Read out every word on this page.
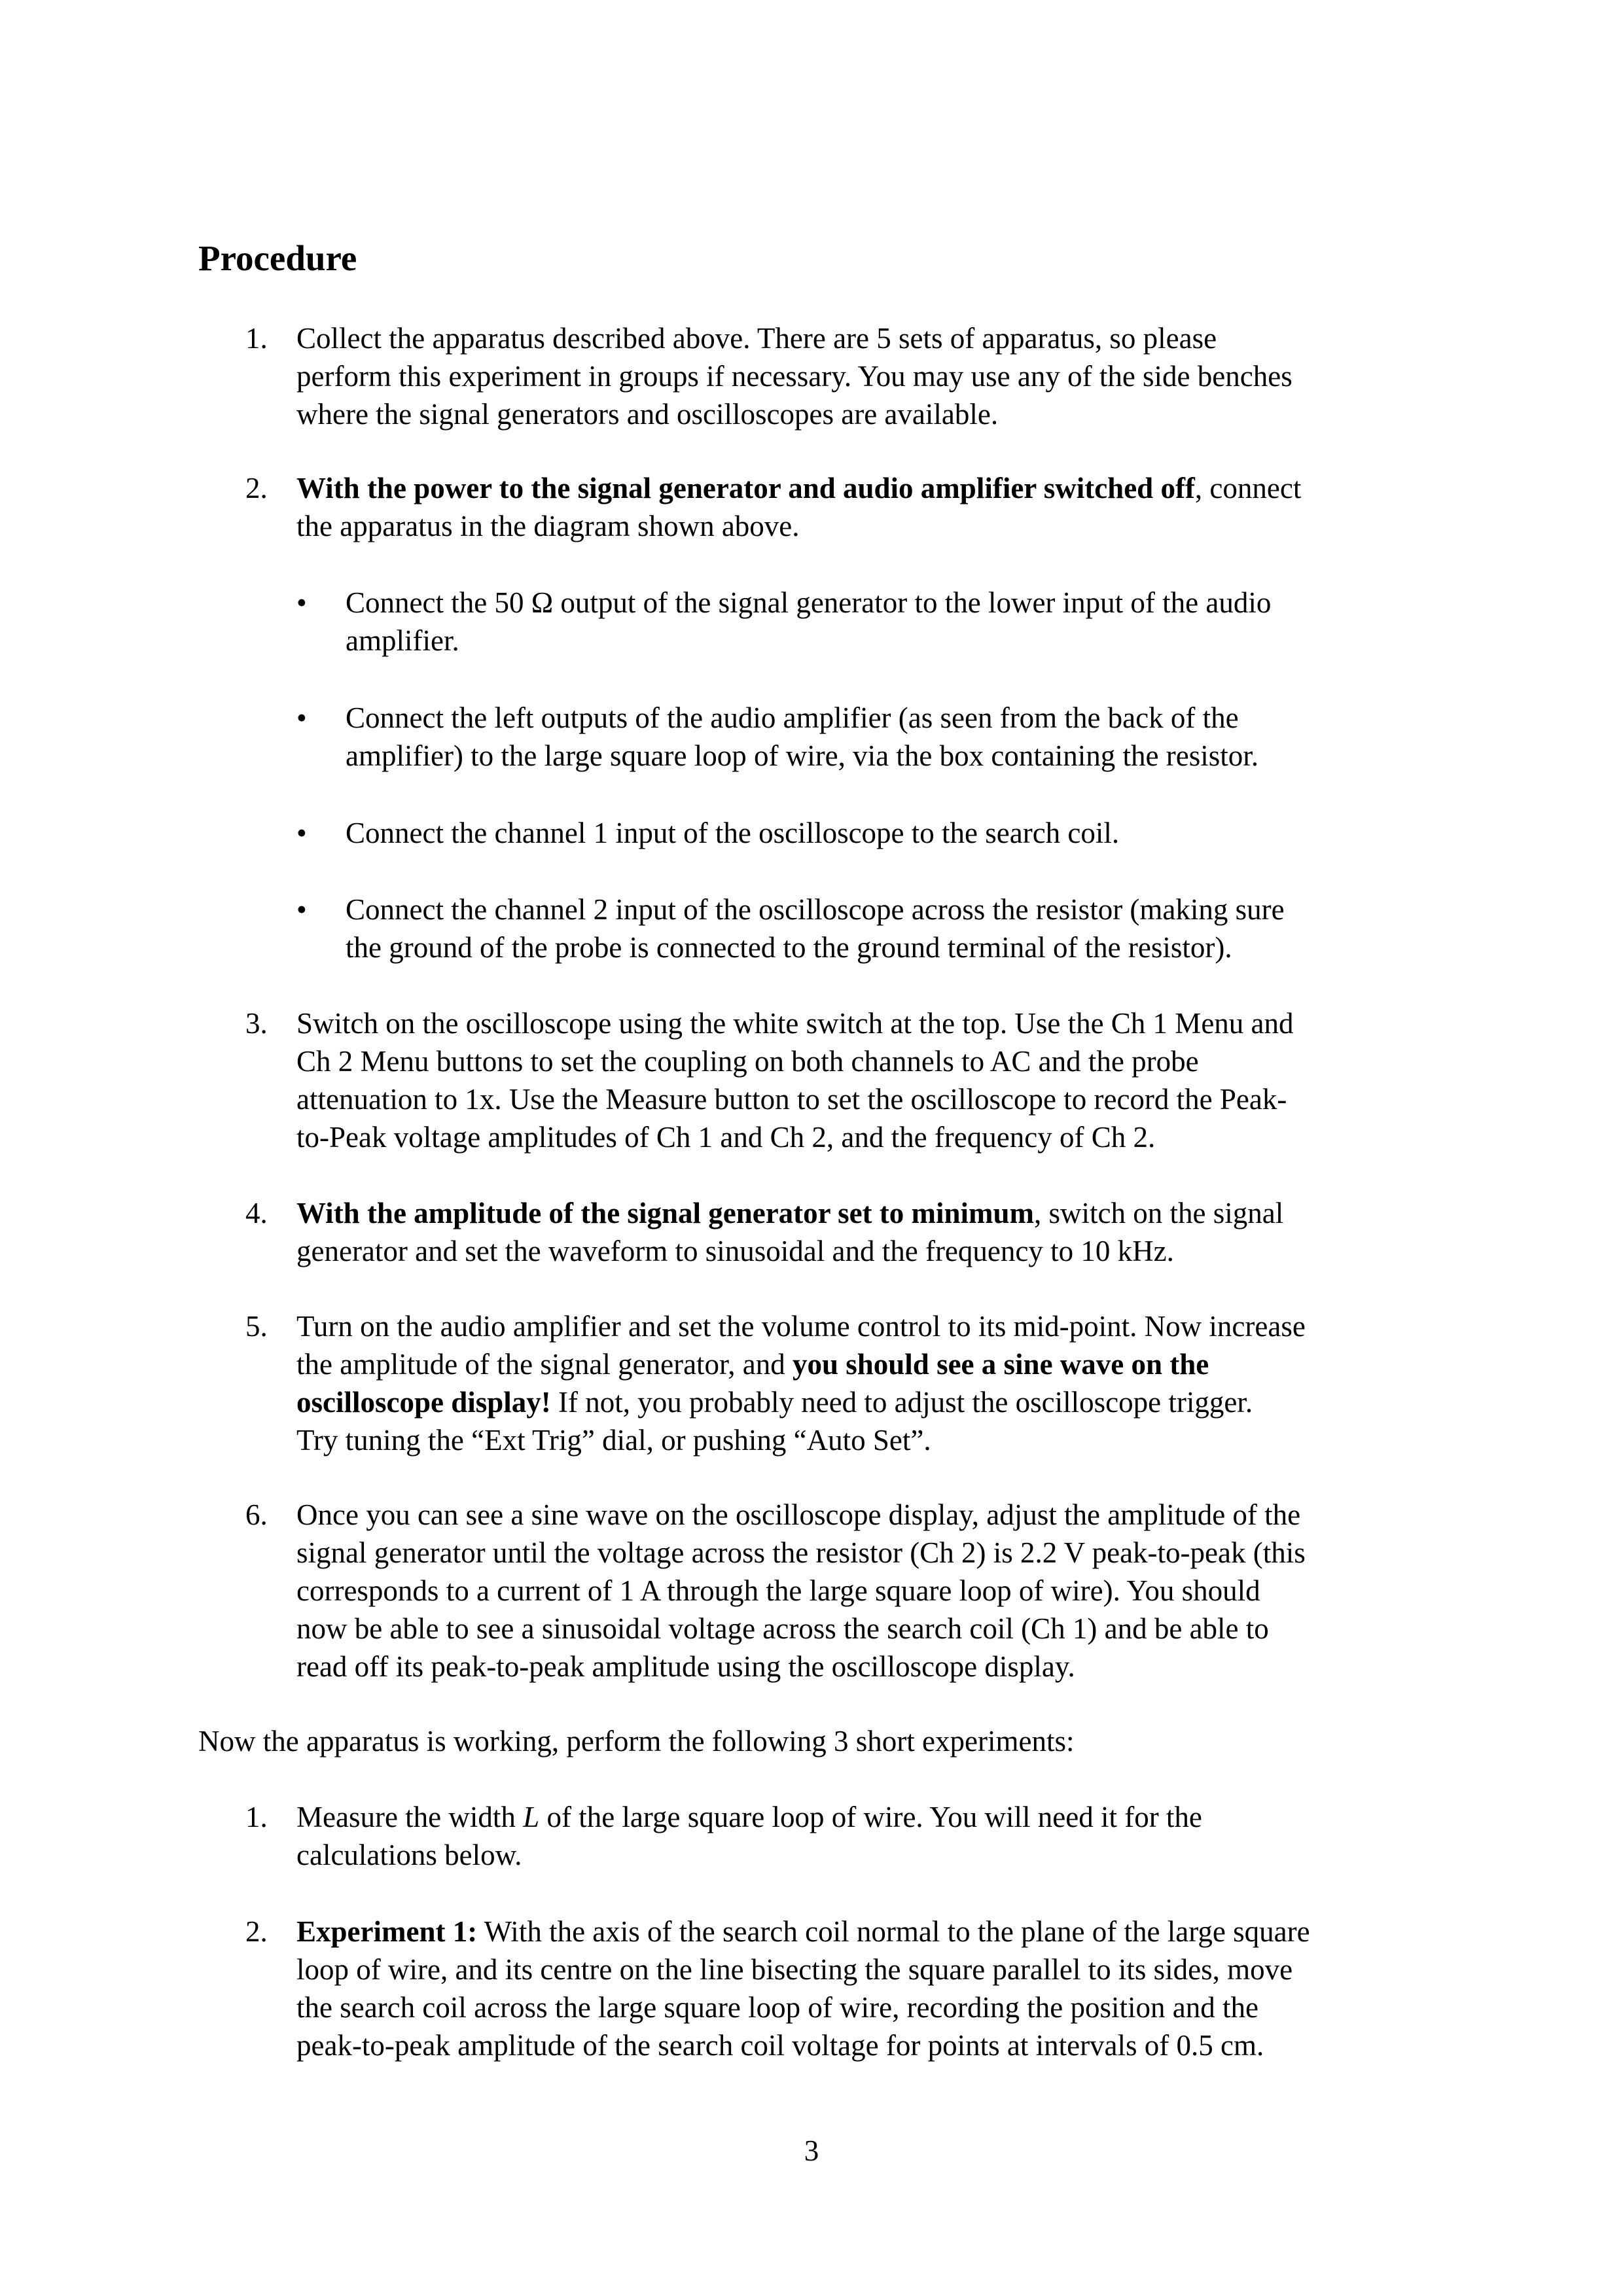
Procedure
1. Collect the apparatus described above. There are 5 sets of apparatus, so please
perform this experiment in groups if necessary. You may use any of the side benches
where the signal generators and oscilloscopes are available.
2. With the power to the signal generator and audio amplifier switched off, connect
the apparatus in the diagram shown above.
•	Connect the 50 Ω output of the signal generator to the lower input of the audio
amplifier.
•	Connect the left outputs of the audio amplifier (as seen from the back of the
amplifier) to the large square loop of wire, via the box containing the resistor.
•	Connect the channel 1 input of the oscilloscope to the search coil.
•	Connect the channel 2 input of the oscilloscope across the resistor (making sure
the ground of the probe is connected to the ground terminal of the resistor).
3. Switch on the oscilloscope using the white switch at the top. Use the Ch 1 Menu and
Ch 2 Menu buttons to set the coupling on both channels to AC and the probe
attenuation to 1x. Use the Measure button to set the oscilloscope to record the Peak-
to-Peak voltage amplitudes of Ch 1 and Ch 2, and the frequency of Ch 2.
4. With the amplitude of the signal generator set to minimum, switch on the signal
generator and set the waveform to sinusoidal and the frequency to 10 kHz.
5. Turn on the audio amplifier and set the volume control to its mid-point. Now increase
the amplitude of the signal generator, and you should see a sine wave on the
oscilloscope display! If not, you probably need to adjust the oscilloscope trigger.
Try tuning the “Ext Trig” dial, or pushing “Auto Set”.
6. Once you can see a sine wave on the oscilloscope display, adjust the amplitude of the
signal generator until the voltage across the resistor (Ch 2) is 2.2 V peak-to-peak (this
corresponds to a current of 1 A through the large square loop of wire). You should
now be able to see a sinusoidal voltage across the search coil (Ch 1) and be able to
read off its peak-to-peak amplitude using the oscilloscope display.
Now the apparatus is working, perform the following 3 short experiments:
1. Measure the width L of the large square loop of wire. You will need it for the
calculations below.
2. Experiment 1: With the axis of the search coil normal to the plane of the large square
loop of wire, and its centre on the line bisecting the square parallel to its sides, move
the search coil across the large square loop of wire, recording the position and the
peak-to-peak amplitude of the search coil voltage for points at intervals of 0.5 cm.
3
